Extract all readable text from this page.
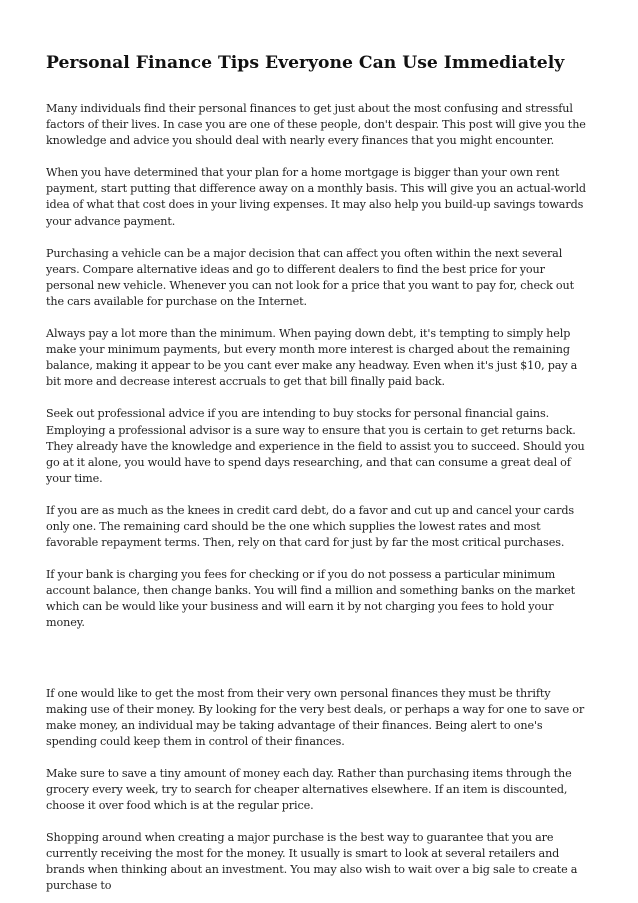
Personal Finance Tips Everyone Can Use Immediately

Many individuals find their personal finances to get just about the most confusing and stressful factors of their lives. In case you are one of these people, don't despair. This post will give you the knowledge and advice you should deal with nearly every finances that you might encounter.

When you have determined that your plan for a home mortgage is bigger than your own rent payment, start putting that difference away on a monthly basis. This will give you an actual-world idea of what that cost does in your living expenses. It may also help you build-up savings towards your advance payment.

Purchasing a vehicle can be a major decision that can affect you often within the next several years. Compare alternative ideas and go to different dealers to find the best price for your personal new vehicle. Whenever you can not look for a price that you want to pay for, check out the cars available for purchase on the Internet.

Always pay a lot more than the minimum. When paying down debt, it's tempting to simply help make your minimum payments, but every month more interest is charged about the remaining balance, making it appear to be you cant ever make any headway. Even when it's just $10, pay a bit more and decrease interest accruals to get that bill finally paid back.

Seek out professional advice if you are intending to buy stocks for personal financial gains. Employing a professional advisor is a sure way to ensure that you is certain to get returns back. They already have the knowledge and experience in the field to assist you to succeed. Should you go at it alone, you would have to spend days researching, and that can consume a great deal of your time.

If you are as much as the knees in credit card debt, do a favor and cut up and cancel your cards only one. The remaining card should be the one which supplies the lowest rates and most favorable repayment terms. Then, rely on that card for just by far the most critical purchases.

If your bank is charging you fees for checking or if you do not possess a particular minimum account balance, then change banks. You will find a million and something banks on the market which can be would like your business and will earn it by not charging you fees to hold your money.

If one would like to get the most from their very own personal finances they must be thrifty making use of their money. By looking for the very best deals, or perhaps a way for one to save or make money, an individual may be taking advantage of their finances. Being alert to one's spending could keep them in control of their finances.

Make sure to save a tiny amount of money each day. Rather than purchasing items through the grocery every week, try to search for cheaper alternatives elsewhere. If an item is discounted, choose it over food which is at the regular price.

Shopping around when creating a major purchase is the best way to guarantee that you are currently receiving the most for the money. It usually is smart to look at several retailers and brands when thinking about an investment. You may also wish to wait over a big sale to create a purchase to
